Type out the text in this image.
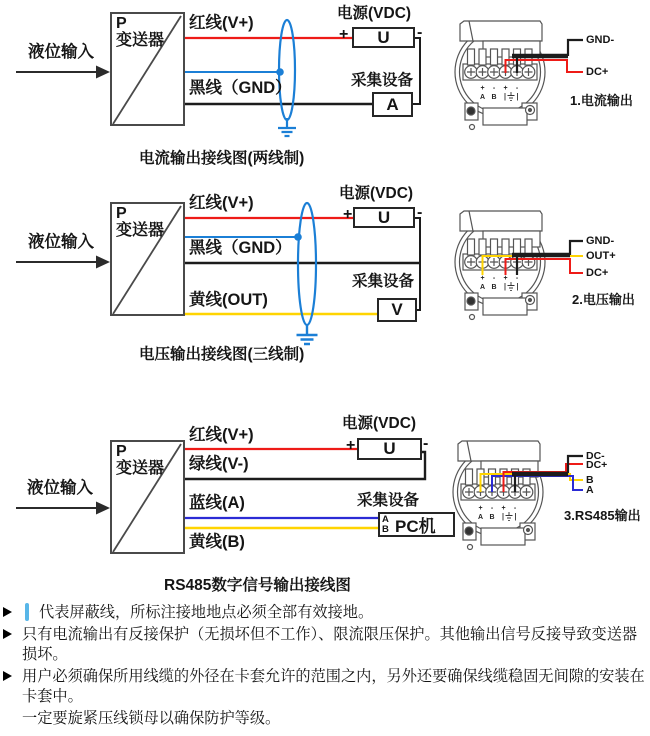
+ - + -
A B
+ - + -
A B
+ - + -
A B
液位输入
P
变送器
红线(V+)
黑线（GND）
电源(VDC)
+	U	-
采集设备
A
电流输出接线图(两线制)
GND-
DC+
1.电流输出
液位输入
P
变送器
红线(V+)
黑线（GND）
黄线(OUT)
电源(VDC)
+	U	-
采集设备
V
电压输出接线图(三线制)
GND-
OUT+
DC+
2.电压输出
液位输入
P
变送器
红线(V+)
绿线(V-)
蓝线(A)
黄线(B)
电源(VDC)
+	U	-
采集设备
A
B PC机
RS485数字信号输出接线图
DC-
DC+
B
A
3.RS485输出
代表屏蔽线，所标注接地地点必须全部有效接地。
只有电流输出有反接保护（无损坏但不工作）、限流限压保护。其他输出信号反接导致变送器损坏。
用户必须确保所用线缆的外径在卡套允许的范围之内，另外还要确保线缆稳固无间隙的安装在卡套中。
一定要旋紧压线锁母以确保防护等级。
